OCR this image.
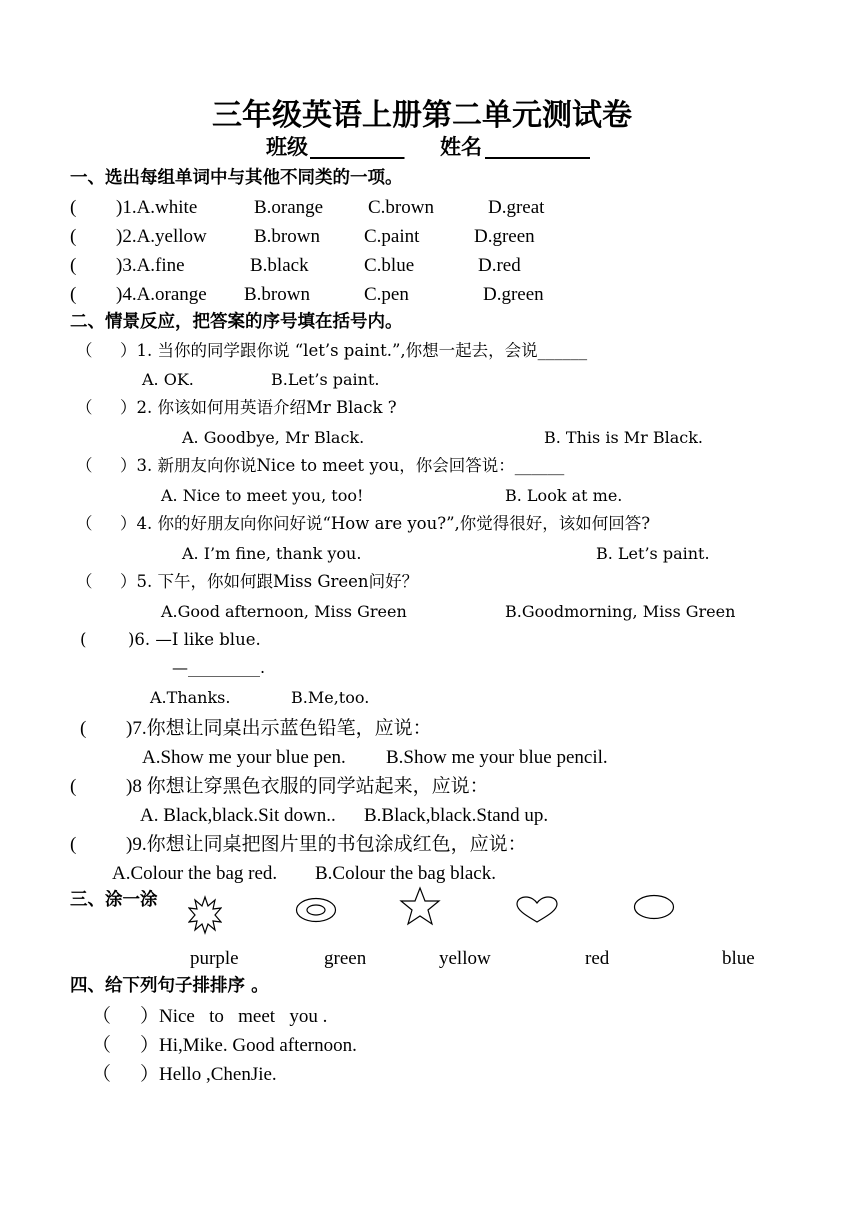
三年级英语上册第二单元测试卷
班级 _________ 姓名 __________
一、选出每组单词中与其他不同类的一项。
( )1.A.white	B.orange C.brown	D.great
( )2.A.yellow B.brown C.paint	D.green
( )3.A.fine	B.black	C.blue	D.red
( )4.A.orange B.brown	C.pen	D.green
二、情景反应，把答案的序号填在括号内。
（ ）1. 当你的同学跟你说 “let’s paint.”,你想一起去，会说______
A. OK.	B.Let’s paint.
（ ）2. 你该如何用英语介绍Mr Black ?
A. Goodbye, Mr Black.	B. This is Mr Black.
（ ）3. 新朋友向你说Nice to meet you，你会回答说：______
A. Nice to meet you, too!	B. Look at me.
（ ）4. 你的好朋友向你问好说“How are you?”,你觉得很好，该如何回答?
A. I’m fine, thank you.	B. Let’s paint.
（ ）5. 下午，你如何跟Miss Green问好？
A.Good afternoon, Miss Green	B.Goodmorning, Miss Green
(	)6. —I like blue.
—_________.
A.Thanks.	B.Me,too.
( )7.你想让同桌出示蓝色铅笔，应说：
A.Show me your blue pen. B.Show me your blue pencil.
(	)8 你想让穿黑色衣服的同学站起来，应说：
A. Black,black.Sit down.. B.Black,black.Stand up.
(	)9.你想让同桌把图片里的书包涂成红色，应说：
A.Colour the bag red. B.Colour the bag black.
三、涂一涂
purple	green	yellow	red	blue
四、给下列句子排排序 。
（ ）Nice   to   meet   you .
（ ）Hi,Mike. Good afternoon.
（ ）Hello ,ChenJie.
